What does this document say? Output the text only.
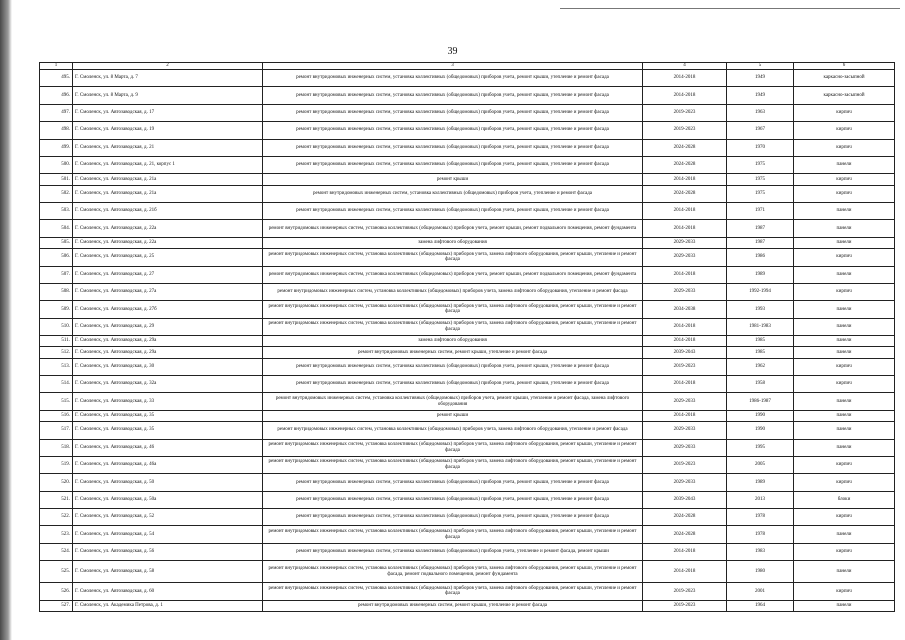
39
1	2	3	4	5	6
495.	Г. Смоленск, ул. 8 Марта, д. 7	ремонт внутридомовых инженерных систем, установка коллективных (общедомовых) приборов учета, ремонт крыши, утепление и ремонт фасада	2014-2018	1949	каркасно-засыпной
496.	Г. Смоленск, ул. 8 Марта, д. 9	ремонт внутридомовых инженерных систем, установка коллективных (общедомовых) приборов учета, ремонт крыши, утепление и ремонт фасада	2014-2018	1949	каркасно-засыпной
497.	Г. Смоленск, ул. Автозаводская, д. 17	ремонт внутридомовых инженерных систем, установка коллективных (общедомовых) приборов учета, ремонт крыши, утепление и ремонт фасада	2019-2023	1963	кирпич
498.	Г. Смоленск, ул. Автозаводская, д. 19	ремонт внутридомовых инженерных систем, установка коллективных (общедомовых) приборов учета, ремонт крыши, утепление и ремонт фасада	2019-2023	1967	кирпич
499.	Г. Смоленск, ул. Автозаводская, д. 21	ремонт внутридомовых инженерных систем, установка коллективных (общедомовых) приборов учета, ремонт крыши, утепление и ремонт фасада	2024-2028	1970	кирпич
500.	Г. Смоленск, ул. Автозаводская, д. 21, корпус 1	ремонт внутридомовых инженерных систем, установка коллективных (общедомовых) приборов учета, ремонт крыши, утепление и ремонт фасада	2024-2028	1975	панели
501.	Г. Смоленск, ул. Автозаводская, д. 21а	ремонт крыши	2014-2018	1975	кирпич
502.	Г. Смоленск, ул. Автозаводская, д. 21а	ремонт внутридомовых инженерных систем, установка коллективных (общедомовых) приборов учета, утепление и ремонт фасада	2024-2028	1975	кирпич
503.	Г. Смоленск, ул. Автозаводская, д. 21б	ремонт внутридомовых инженерных систем, установка коллективных (общедомовых) приборов учета, ремонт крыши, утепление и ремонт фасада	2014-2018	1971	панели
504.	Г. Смоленск, ул. Автозаводская, д. 22а	ремонт внутридомовых инженерных систем, установка коллективных (общедомовых) приборов учета, ремонт крыши, ремонт подвального помещения, ремонт фундамента	2014-2018	1987	панели
505.	Г. Смоленск, ул. Автозаводская, д. 22а	замена лифтового оборудования	2029-2033	1987	панели
506.	Г. Смоленск, ул. Автозаводская, д. 25	ремонт внутридомовых инженерных систем, установка коллективных (общедомовых) приборов учета, замена лифтового оборудования, ремонт крыши, утепление и ремонт фасада	2029-2033	1986	кирпич
507.	Г. Смоленск, ул. Автозаводская, д. 27	ремонт внутридомовых инженерных систем, установка коллективных (общедомовых) приборов учета, ремонт крыши, ремонт подвального помещения, ремонт фундамента	2014-2018	1989	панели
508.	Г. Смоленск, ул. Автозаводская, д. 27а	ремонт внутридомовых инженерных систем, установка коллективных (общедомовых) приборов учета, замена лифтового оборудования, утепление и ремонт фасада	2029-2033	1992-1994	кирпич
509.	Г. Смоленск, ул. Автозаводская, д. 27б	ремонт внутридомовых инженерных систем, установка коллективных (общедомовых) приборов учета, замена лифтового оборудования, ремонт крыши, утепление и ремонт фасада	2034-2038	1993	панели
510.	Г. Смоленск, ул. Автозаводская, д. 29	ремонт внутридомовых инженерных систем, установка коллективных (общедомовых) приборов учета, замена лифтового оборудования, ремонт крыши, утепление и ремонт фасада	2014-2018	1981-1983	панели
511.	Г. Смоленск, ул. Автозаводская, д. 29а	замена лифтового оборудования	2014-2018	1985	панели
512.	Г. Смоленск, ул. Автозаводская, д. 29а	ремонт внутридомовых инженерных систем, ремонт крыши, утепление и ремонт фасада	2039-2043	1985	панели
513.	Г. Смоленск, ул. Автозаводская, д. 30	ремонт внутридомовых инженерных систем, установка коллективных (общедомовых) приборов учета, ремонт крыши, утепление и ремонт фасада	2019-2023	1962	кирпич
514.	Г. Смоленск, ул. Автозаводская, д. 32а	ремонт внутридомовых инженерных систем, установка коллективных (общедомовых) приборов учета, ремонт крыши, утепление и ремонт фасада	2014-2018	1958	кирпич
515.	Г. Смоленск, ул. Автозаводская, д. 33	ремонт внутридомовых инженерных систем, установка коллективных (общедомовых) приборов учета, ремонт крыши, утепление и ремонт фасада, замена лифтового оборудования	2029-2033	1986-1987	панели
516.	Г. Смоленск, ул. Автозаводская, д. 35	ремонт крыши	2014-2018	1990	панели
517.	Г. Смоленск, ул. Автозаводская, д. 35	ремонт внутридомовых инженерных систем, установка коллективных (общедомовых) приборов учета, замена лифтового оборудования, утепление и ремонт фасада	2029-2033	1990	панели
518.	Г. Смоленск, ул. Автозаводская, д. 46	ремонт внутридомовых инженерных систем, установка коллективных (общедомовых) приборов учета, замена лифтового оборудования, ремонт крыши, утепление и ремонт фасада	2029-2033	1995	панели
519.	Г. Смоленск, ул. Автозаводская, д. 46а	ремонт внутридомовых инженерных систем, установка коллективных (общедомовых) приборов учета, замена лифтового оборудования, ремонт крыши, утепление и ремонт фасада	2019-2023	2005	кирпич
520.	Г. Смоленск, ул. Автозаводская, д. 50	ремонт внутридомовых инженерных систем, установка коллективных (общедомовых) приборов учета, ремонт крыши, утепление и ремонт фасада	2029-2033	1989	кирпич
521.	Г. Смоленск, ул. Автозаводская, д. 50а	ремонт внутридомовых инженерных систем, установка коллективных (общедомовых) приборов учета, ремонт крыши, утепление и ремонт фасада	2039-2043	2013	блоки
522.	Г. Смоленск, ул. Автозаводская, д. 52	ремонт внутридомовых инженерных систем, установка коллективных (общедомовых) приборов учета, ремонт крыши, утепление и ремонт фасада	2024-2028	1978	кирпич
523.	Г. Смоленск, ул. Автозаводская, д. 54	ремонт внутридомовых инженерных систем, установка коллективных (общедомовых) приборов учета, замена лифтового оборудования, ремонт крыши, утепление и ремонт фасада	2024-2028	1978	панели
524.	Г. Смоленск, ул. Автозаводская, д. 56	ремонт внутридомовых инженерных систем, установка коллективных (общедомовых) приборов учета, утепление и ремонт фасада, ремонт крыши	2014-2018	1983	кирпич
525.	Г. Смоленск, ул. Автозаводская, д. 58	ремонт внутридомовых инженерных систем, установка коллективных (общедомовых) приборов учета, замена лифтового оборудования, ремонт крыши, утепление и ремонт фасада, ремонт подвального помещения, ремонт фундамента	2014-2018	1980	панели
526.	Г. Смоленск, ул. Автозаводская, д. 60	ремонт внутридомовых инженерных систем, установка коллективных (общедомовых) приборов учета, замена лифтового оборудования, ремонт крыши, утепление и ремонт фасада	2019-2023	2001	кирпич
527.	Г. Смоленск, ул. Академика Петрова, д. 1	ремонт внутридомовых инженерных систем, ремонт крыши, утепление и ремонт фасада	2019-2023	1964	панели
